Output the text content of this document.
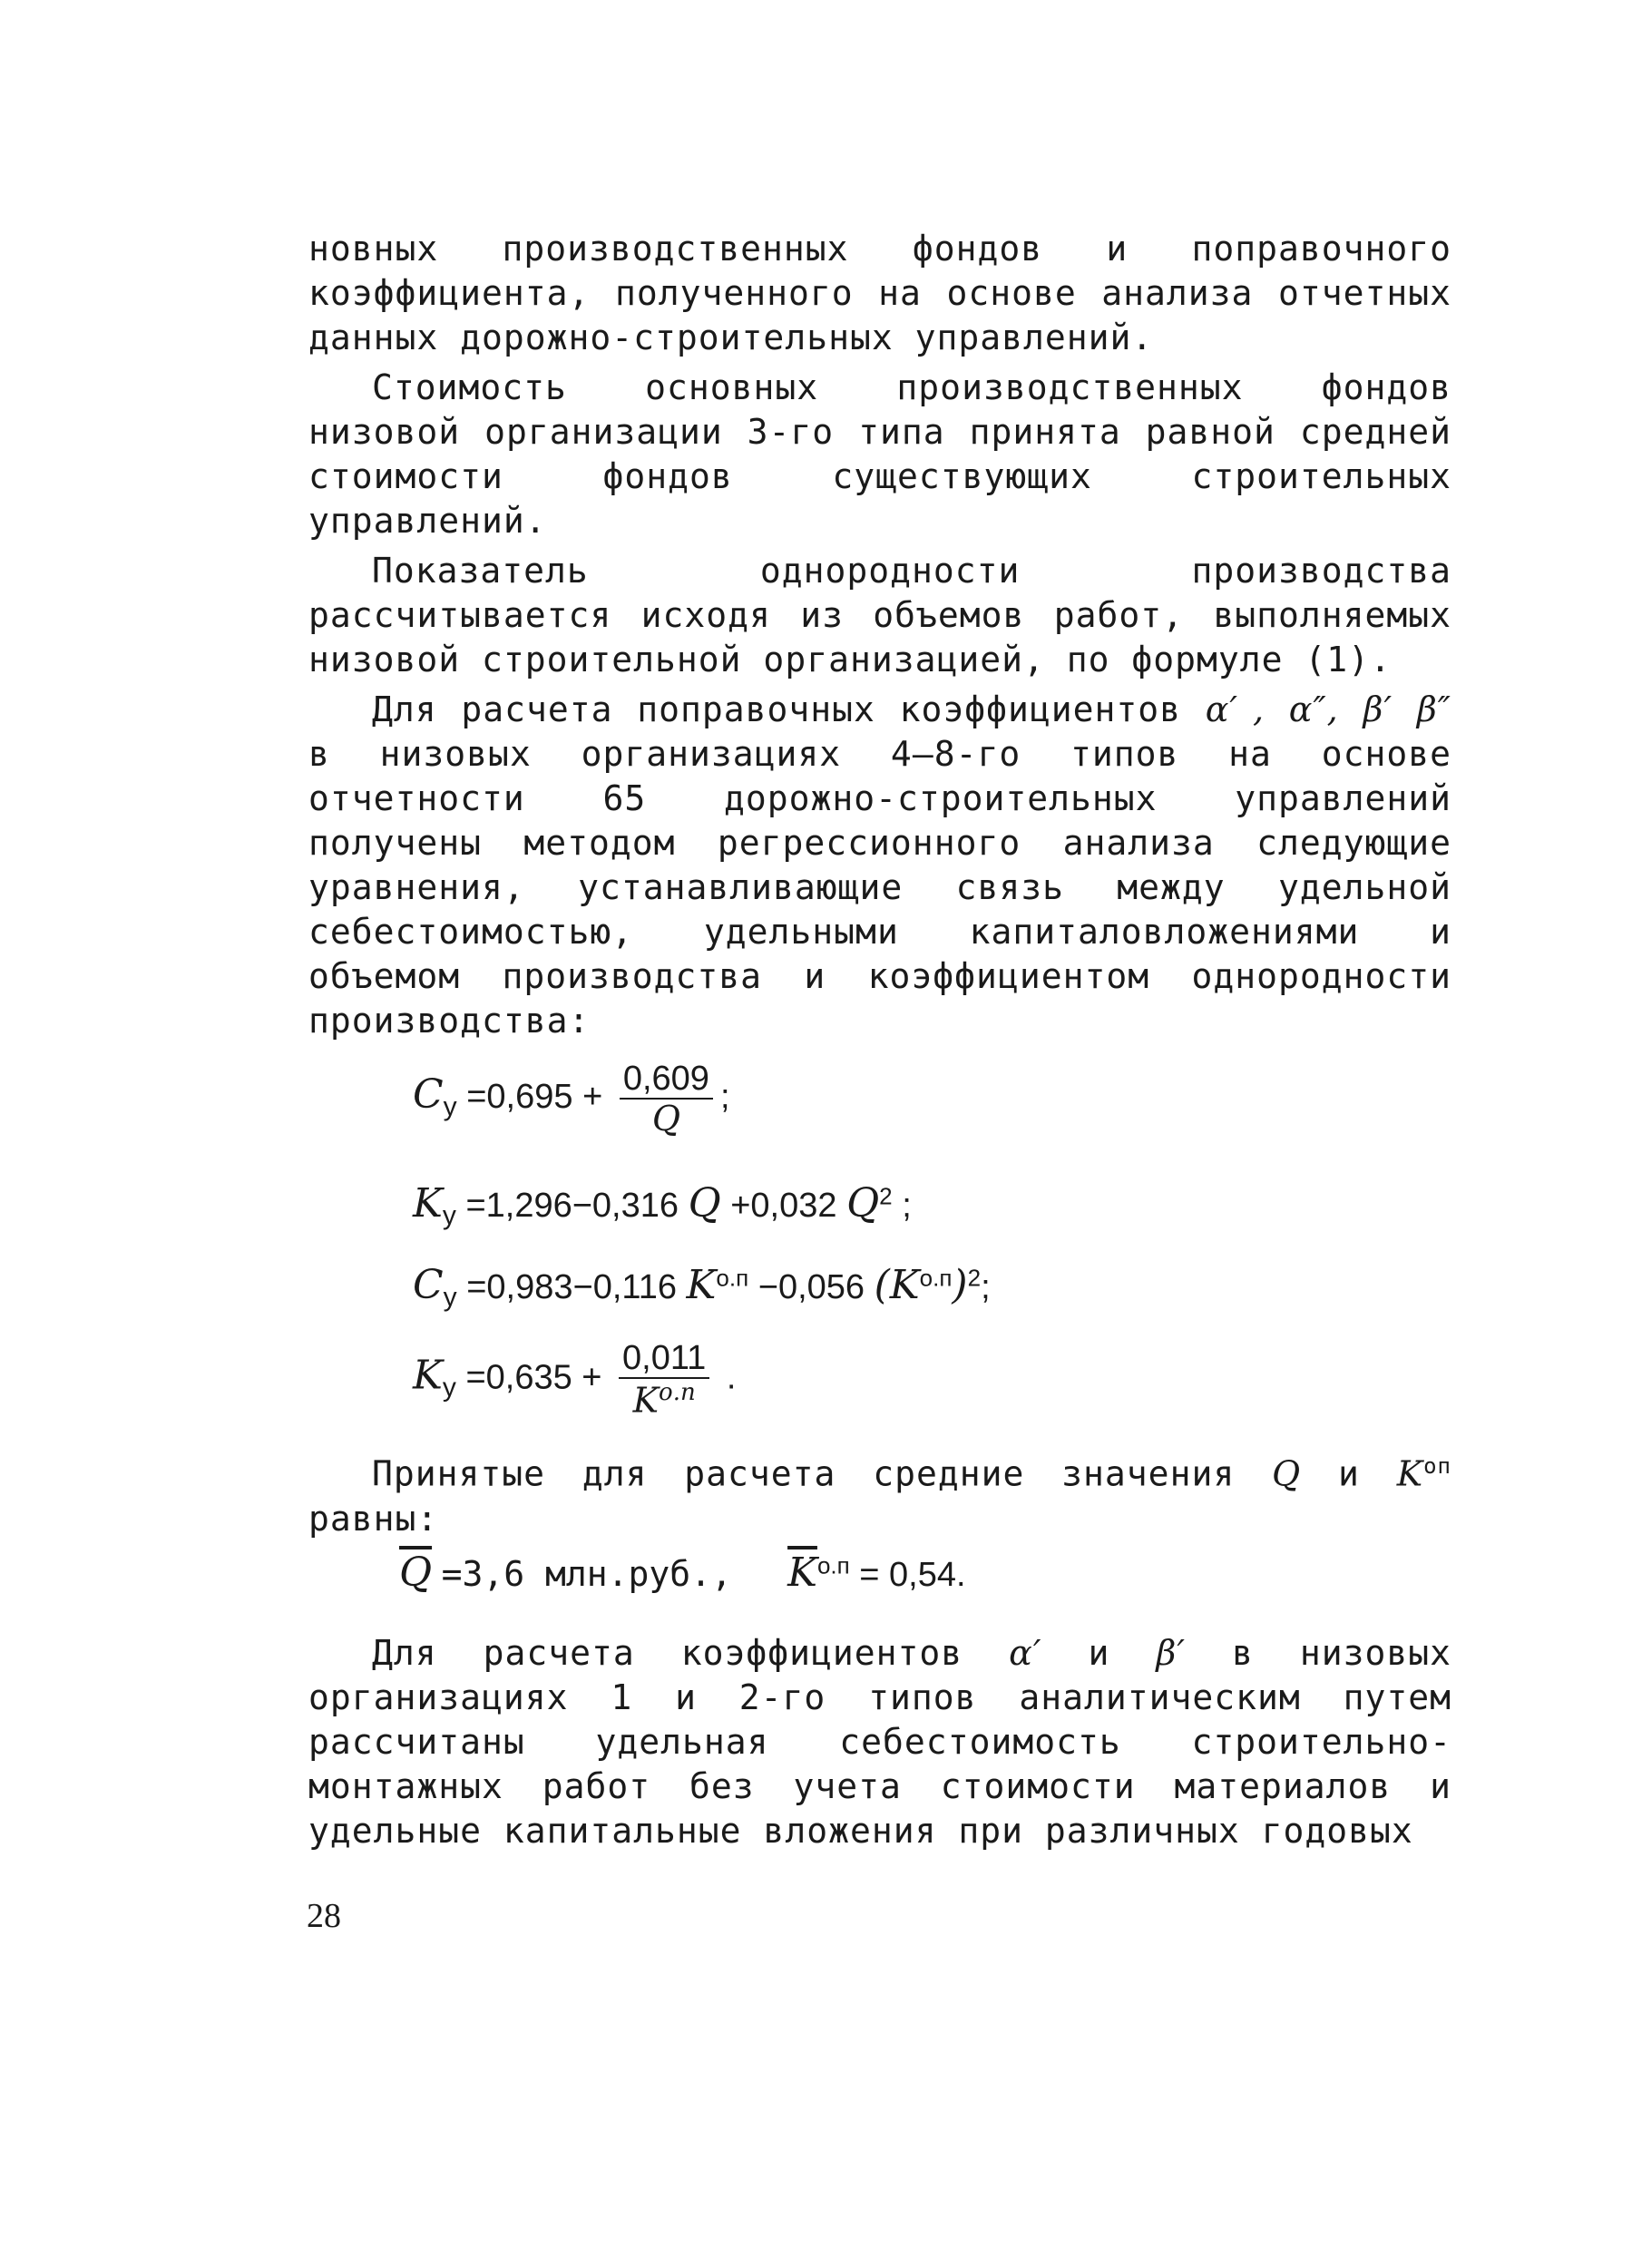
новных производственных фондов и поправочного коэффициента, полученного на основе анализа отчетных данных дорожно-строительных управлений.

Стоимость основных производственных фондов низовой организации 3-го типа принята равной средней стоимости фондов существующих строительных управлений.

Показатель однородности производства рассчитывается исходя из объемов работ, выполняемых низовой строительной организацией, по формуле (1).

Для расчета поправочных коэффициентов α′ , α″, β′ β″ в низовых организациях 4–8-го типов на основе отчетности 65 дорожно-строительных управлений получены методом регрессионного анализа следующие уравнения, устанавливающие связь между удельной себестоимостью, удельными капиталовложениями и объемом производства и коэффициентом однородности производства:

$C_у =0,695 + \frac{0,609}{Q}$ ;
$K_у =1,296-0,316$ Q +0,032 $Q^2$ ;
$C_у =0,983-0,116$ $K^{о.п} -0,056$ $(K^{о.п})^2$;
$K_у =0,635 + \frac{0,011}{K^{о.п}}$ .

Принятые для расчета средние значения Q и $K^{оп}$ равны:

$\overline{Q} =3,6$ млн.руб., $\overline{K}^{о.п} = 0,54$.

Для расчета коэффициентов α′ и β′ в низовых организациях 1 и 2-го типов аналитическим путем рассчитаны удельная себестоимость строительно-монтажных работ без учета стоимости материалов и удельные капитальные вложения при различных годовых

28
